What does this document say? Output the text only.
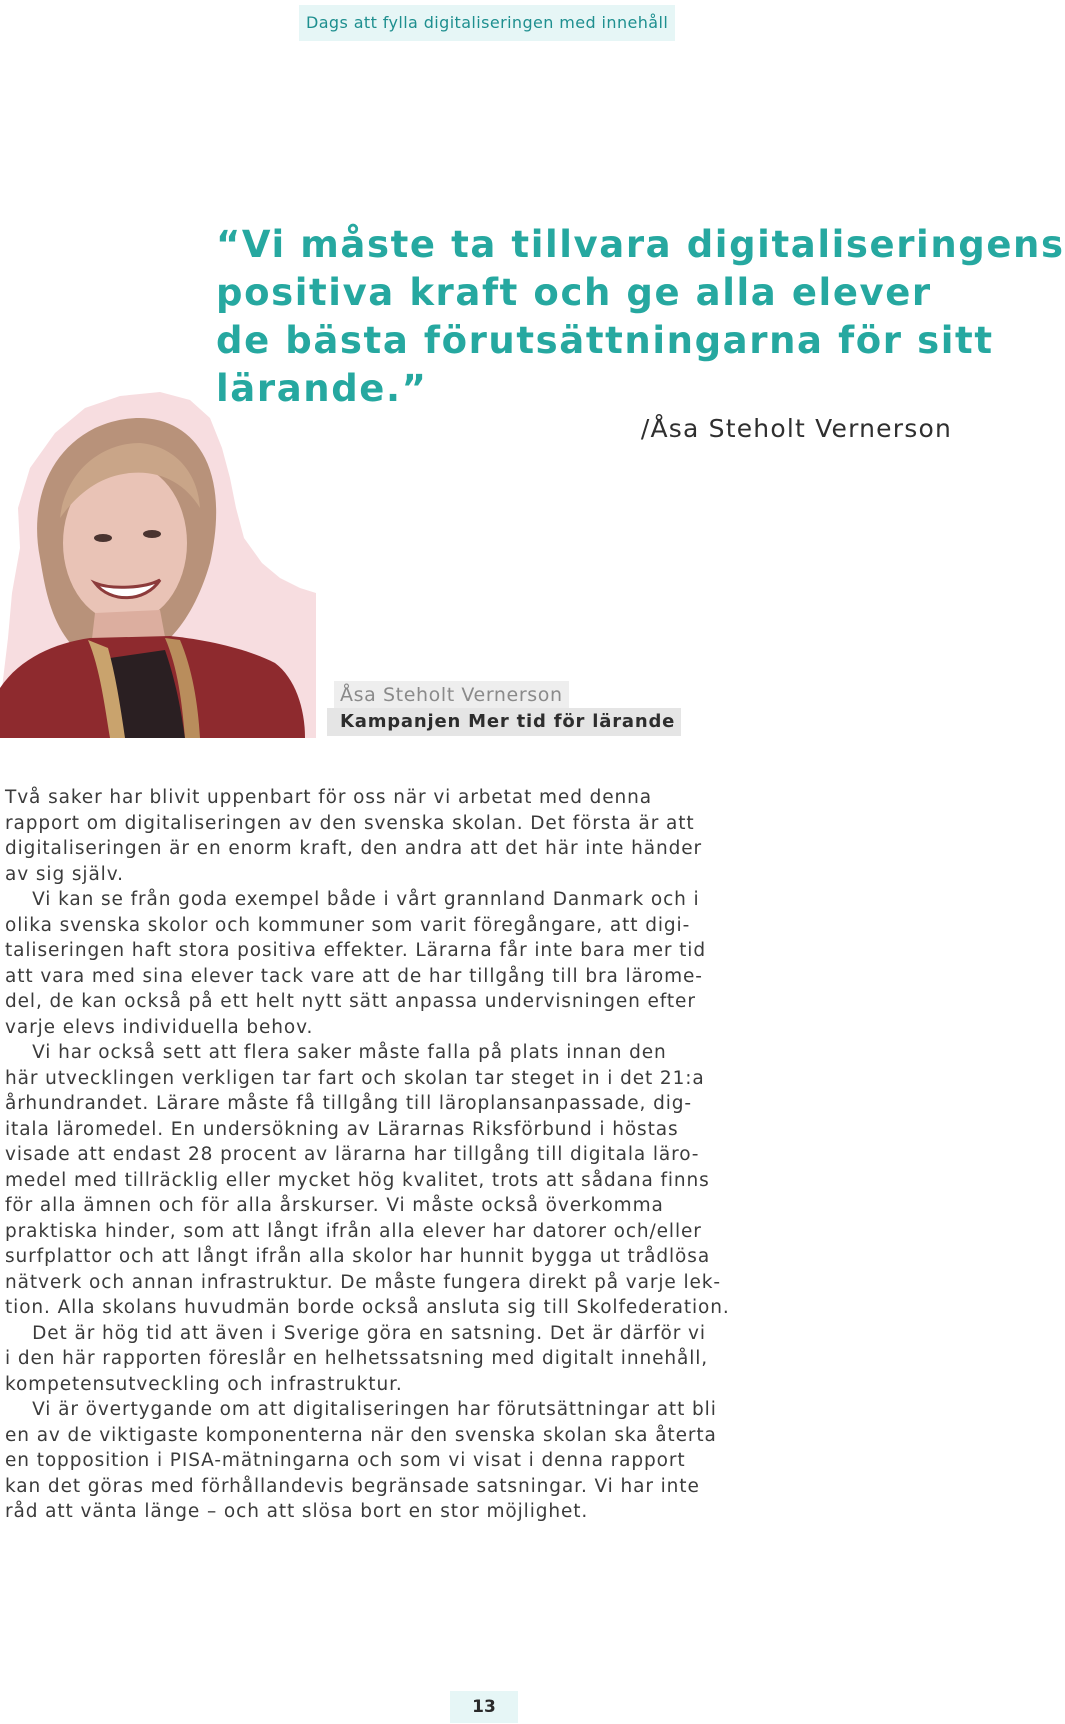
Dags att fylla digitaliseringen med innehåll
“Vi måste ta tillvara digitaliseringens
positiva kraft och ge alla elever
de bästa förutsättningarna för sitt
lärande.”
/Åsa Steholt Vernerson
Åsa Steholt Vernerson
Kampanjen Mer tid för lärande
Två saker har blivit uppenbart för oss när vi arbetat med denna
rapport om digitaliseringen av den svenska skolan. Det första är att
digitaliseringen är en enorm kraft, den andra att det här inte händer
av sig själv.
Vi kan se från goda exempel både i vårt grannland Danmark och i
olika svenska skolor och kommuner som varit föregångare, att digi-
taliseringen haft stora positiva effekter. Lärarna får inte bara mer tid
att vara med sina elever tack vare att de har tillgång till bra lärome-
del, de kan också på ett helt nytt sätt anpassa undervisningen efter
varje elevs individuella behov.
Vi har också sett att flera saker måste falla på plats innan den
här utvecklingen verkligen tar fart och skolan tar steget in i det 21:a
århundrandet. Lärare måste få tillgång till läroplansanpassade, dig-
itala läromedel. En undersökning av Lärarnas Riksförbund i höstas
visade att endast 28 procent av lärarna har tillgång till digitala läro-
medel med tillräcklig eller mycket hög kvalitet, trots att sådana finns
för alla ämnen och för alla årskurser. Vi måste också överkomma
praktiska hinder, som att långt ifrån alla elever har datorer och/eller
surfplattor och att långt ifrån alla skolor har hunnit bygga ut trådlösa
nätverk och annan infrastruktur. De måste fungera direkt på varje lek-
tion. Alla skolans huvudmän borde också ansluta sig till Skolfederation.
Det är hög tid att även i Sverige göra en satsning. Det är därför vi
i den här rapporten föreslår en helhetssatsning med digitalt innehåll,
kompetensutveckling och infrastruktur.
Vi är övertygande om att digitaliseringen har förutsättningar att bli
en av de viktigaste komponenterna när den svenska skolan ska återta
en topposition i PISA-mätningarna och som vi visat i denna rapport
kan det göras med förhållandevis begränsade satsningar. Vi har inte
råd att vänta länge – och att slösa bort en stor möjlighet.
13
